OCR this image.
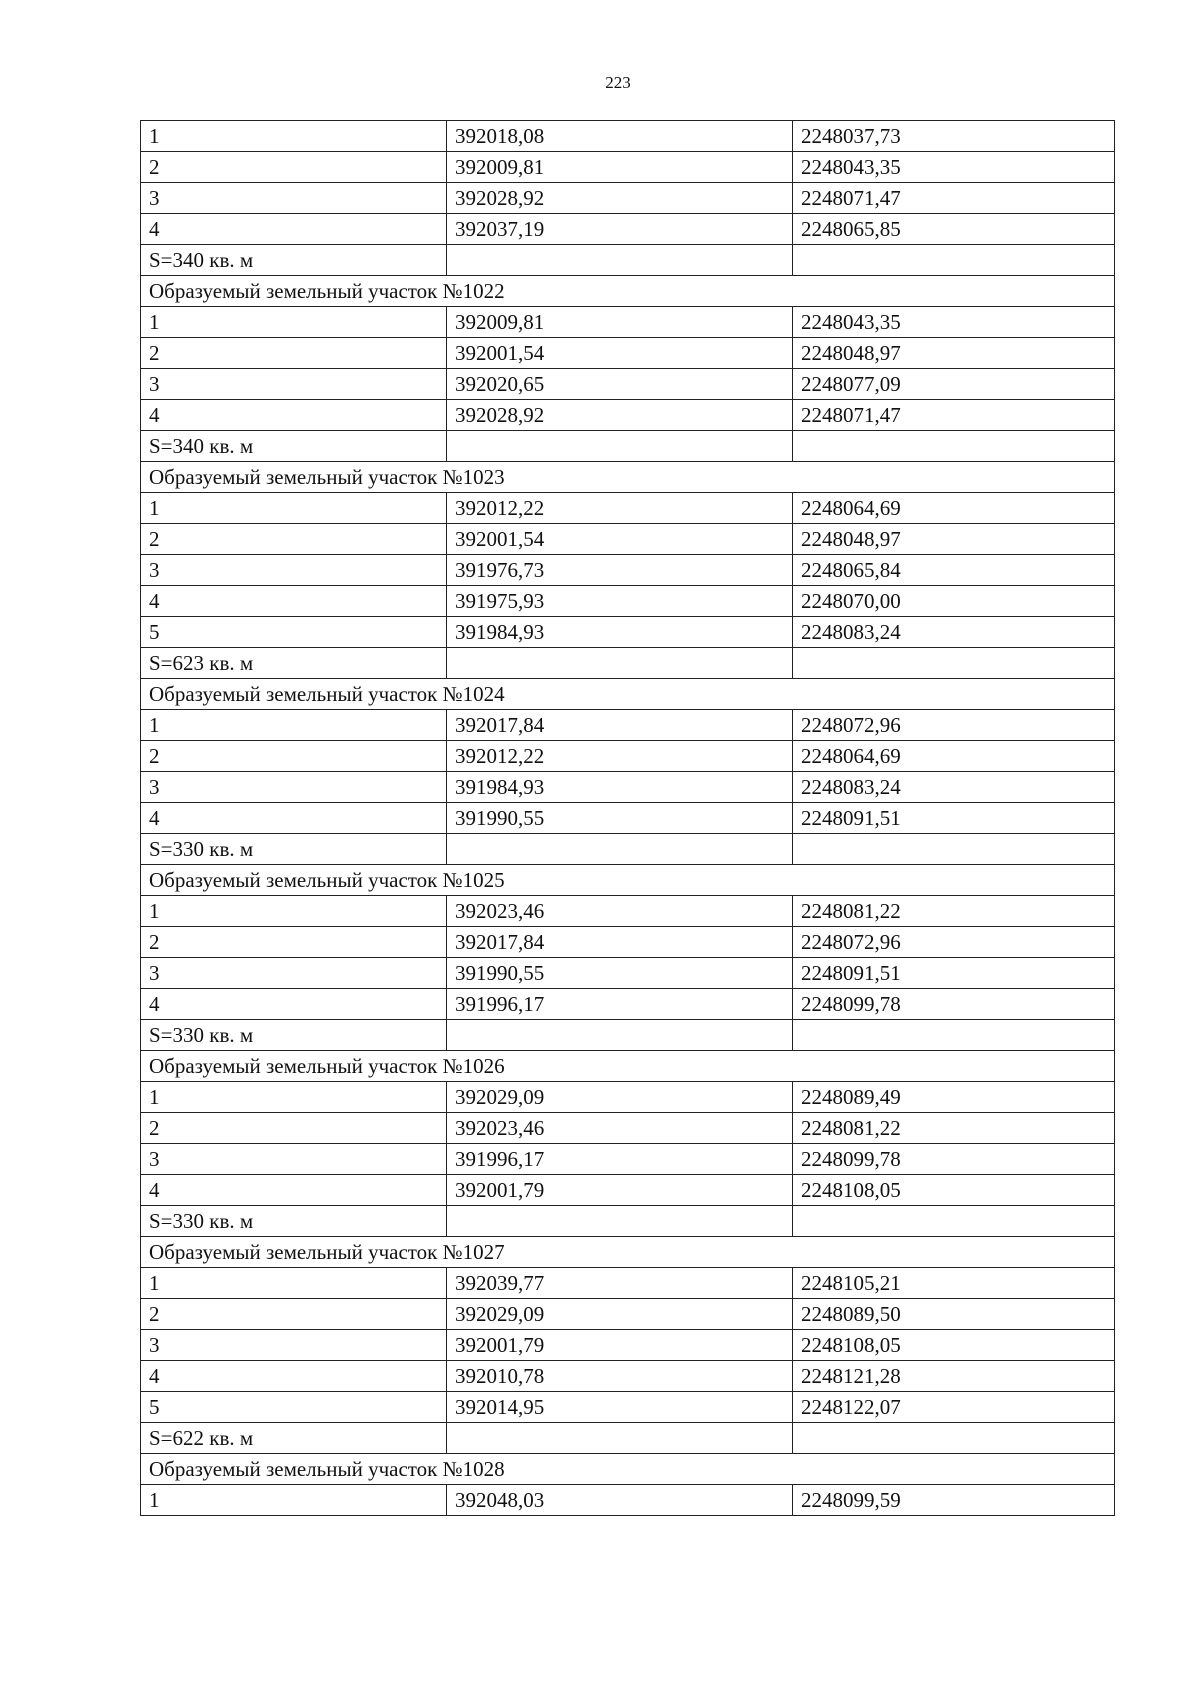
223
1	392018,08	2248037,73
2	392009,81	2248043,35
3	392028,92	2248071,47
4	392037,19	2248065,85
S=340 кв. м		
Образуемый земельный участок №1022		
1	392009,81	2248043,35
2	392001,54	2248048,97
3	392020,65	2248077,09
4	392028,92	2248071,47
S=340 кв. м		
Образуемый земельный участок №1023		
1	392012,22	2248064,69
2	392001,54	2248048,97
3	391976,73	2248065,84
4	391975,93	2248070,00
5	391984,93	2248083,24
S=623 кв. м		
Образуемый земельный участок №1024		
1	392017,84	2248072,96
2	392012,22	2248064,69
3	391984,93	2248083,24
4	391990,55	2248091,51
S=330 кв. м		
Образуемый земельный участок №1025		
1	392023,46	2248081,22
2	392017,84	2248072,96
3	391990,55	2248091,51
4	391996,17	2248099,78
S=330 кв. м		
Образуемый земельный участок №1026		
1	392029,09	2248089,49
2	392023,46	2248081,22
3	391996,17	2248099,78
4	392001,79	2248108,05
S=330 кв. м		
Образуемый земельный участок №1027		
1	392039,77	2248105,21
2	392029,09	2248089,50
3	392001,79	2248108,05
4	392010,78	2248121,28
5	392014,95	2248122,07
S=622 кв. м		
Образуемый земельный участок №1028		
1	392048,03	2248099,59
